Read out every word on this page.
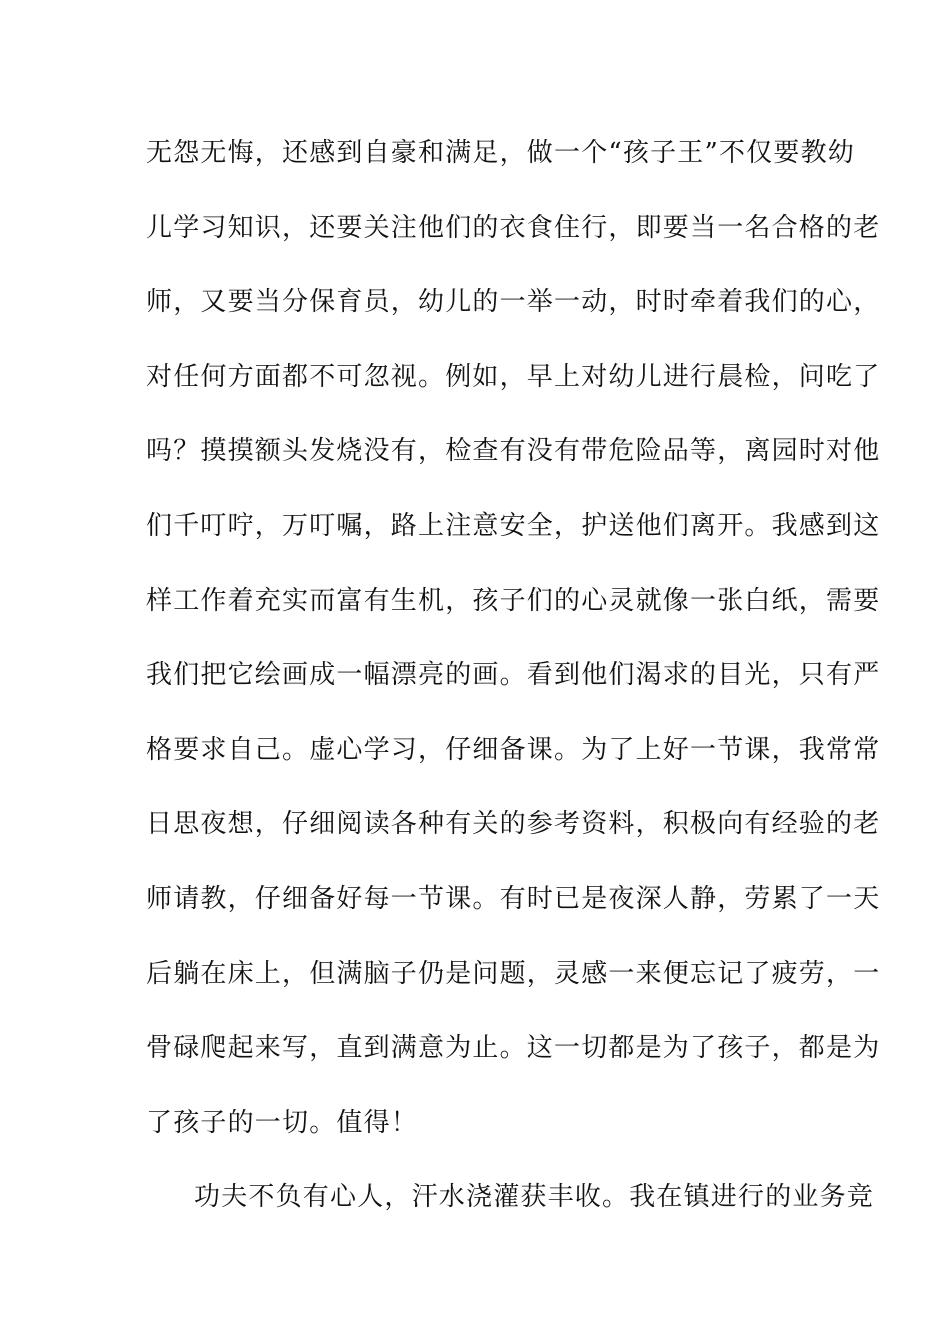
无怨无悔，还感到自豪和满足，做一个“孩子王”不仅要教幼
儿学习知识，还要关注他们的衣食住行，即要当一名合格的老
师，又要当分保育员，幼儿的一举一动，时时牵着我们的心，
对任何方面都不可忽视。例如，早上对幼儿进行晨检，问吃了
吗？摸摸额头发烧没有，检查有没有带危险品等，离园时对他
们千叮咛，万叮嘱，路上注意安全，护送他们离开。我感到这
样工作着充实而富有生机，孩子们的心灵就像一张白纸，需要
我们把它绘画成一幅漂亮的画。看到他们渴求的目光，只有严
格要求自己。虚心学习，仔细备课。为了上好一节课，我常常
日思夜想，仔细阅读各种有关的参考资料，积极向有经验的老
师请教，仔细备好每一节课。有时已是夜深人静，劳累了一天
后躺在床上，但满脑子仍是问题，灵感一来便忘记了疲劳，一
骨碌爬起来写，直到满意为止。这一切都是为了孩子，都是为
了孩子的一切。值得！
功夫不负有心人，汗水浇灌获丰收。我在镇进行的业务竞
